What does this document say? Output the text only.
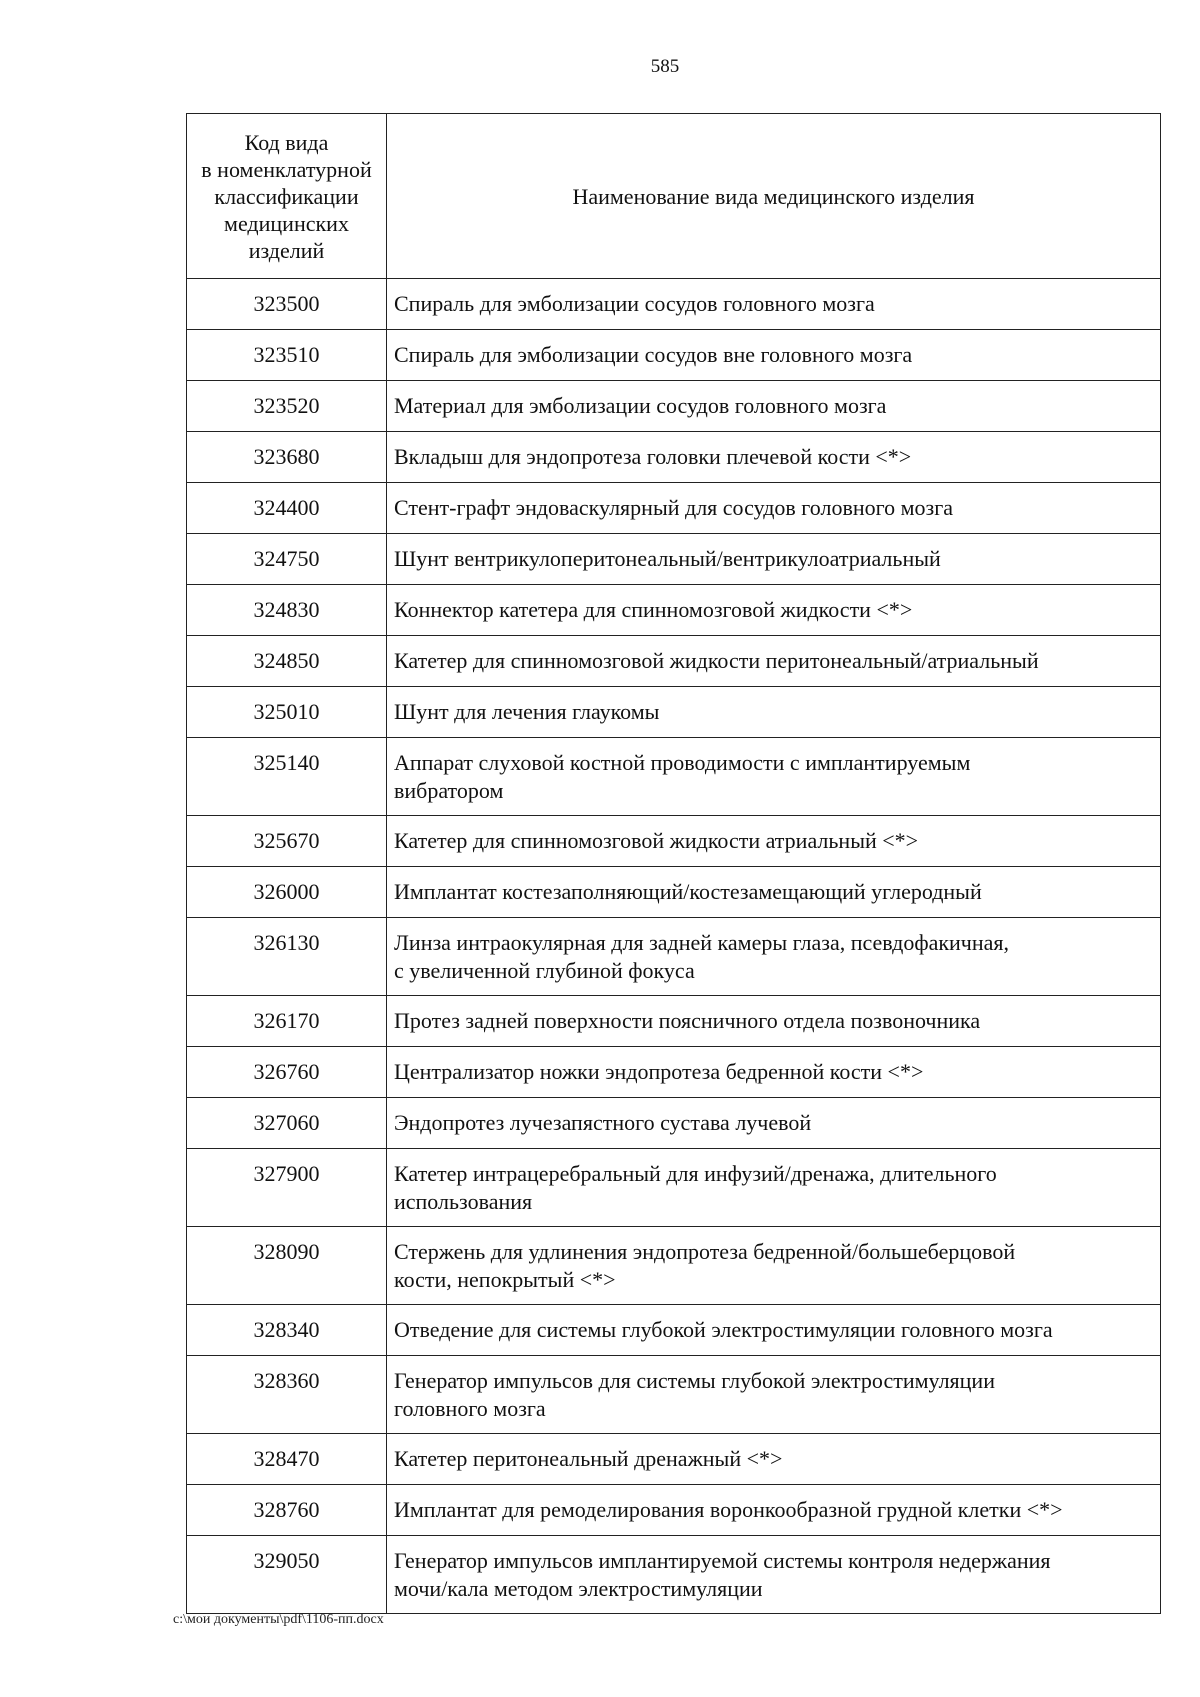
585
Код вида
в номенклатурной
классификации
медицинских
изделий	Наименование вида медицинского изделия
323500	Спираль для эмболизации сосудов головного мозга
323510	Спираль для эмболизации сосудов вне головного мозга
323520	Материал для эмболизации сосудов головного мозга
323680	Вкладыш для эндопротеза головки плечевой кости <*>
324400	Стент-графт эндоваскулярный для сосудов головного мозга
324750	Шунт вентрикулоперитонеальный/вентрикулоатриальный
324830	Коннектор катетера для спинномозговой жидкости <*>
324850	Катетер для спинномозговой жидкости перитонеальный/атриальный
325010	Шунт для лечения глаукомы
325140	Аппарат слуховой костной проводимости с имплантируемым
вибратором
325670	Катетер для спинномозговой жидкости атриальный <*>
326000	Имплантат костезаполняющий/костезамещающий углеродный
326130	Линза интраокулярная для задней камеры глаза, псевдофакичная,
с увеличенной глубиной фокуса
326170	Протез задней поверхности поясничного отдела позвоночника
326760	Централизатор ножки эндопротеза бедренной кости <*>
327060	Эндопротез лучезапястного сустава лучевой
327900	Катетер интрацеребральный для инфузий/дренажа, длительного
использования
328090	Стержень для удлинения эндопротеза бедренной/большеберцовой
кости, непокрытый <*>
328340	Отведение для системы глубокой электростимуляции головного мозга
328360	Генератор импульсов для системы глубокой электростимуляции
головного мозга
328470	Катетер перитонеальный дренажный <*>
328760	Имплантат для ремоделирования воронкообразной грудной клетки <*>
329050	Генератор импульсов имплантируемой системы контроля недержания
мочи/кала методом электростимуляции
c:\мои документы\pdf\1106-пп.docx
